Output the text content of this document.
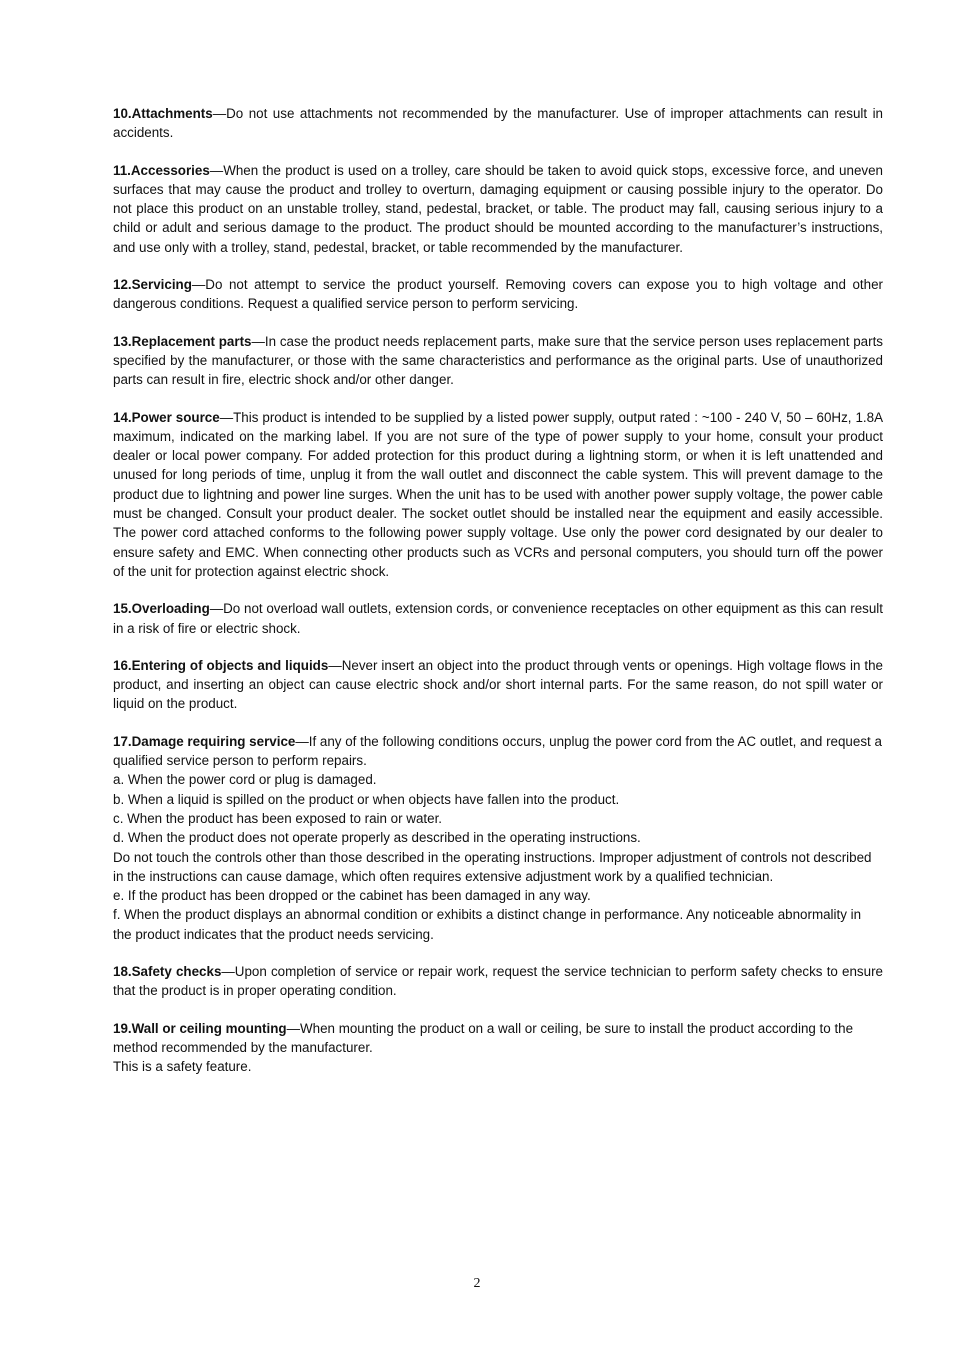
10.Attachments—Do not use attachments not recommended by the manufacturer. Use of improper attachments can result in accidents.

11.Accessories—When the product is used on a trolley, care should be taken to avoid quick stops, excessive force, and uneven surfaces that may cause the product and trolley to overturn, damaging equipment or causing possible injury to the operator. Do not place this product on an unstable trolley, stand, pedestal, bracket, or table. The product may fall, causing serious injury to a child or adult and serious damage to the product. The product should be mounted according to the manufacturer’s instructions, and use only with a trolley, stand, pedestal, bracket, or table recommended by the manufacturer.

12.Servicing—Do not attempt to service the product yourself. Removing covers can expose you to high voltage and other dangerous conditions. Request a qualified service person to perform servicing.

13.Replacement parts—In case the product needs replacement parts, make sure that the service person uses replacement parts specified by the manufacturer, or those with the same characteristics and performance as the original parts. Use of unauthorized parts can result in fire, electric shock and/or other danger.

14.Power source—This product is intended to be supplied by a listed power supply, output rated : ~100 - 240 V, 50 – 60Hz, 1.8A maximum, indicated on the marking label. If you are not sure of the type of power supply to your home, consult your product dealer or local power company. For added protection for this product during a lightning storm, or when it is left unattended and unused for long periods of time, unplug it from the wall outlet and disconnect the cable system. This will prevent damage to the product due to lightning and power line surges. When the unit has to be used with another power supply voltage, the power cable must be changed. Consult your product dealer. The socket outlet should be installed near the equipment and easily accessible. The power cord attached conforms to the following power supply voltage. Use only the power cord designated by our dealer to ensure safety and EMC. When connecting other products such as VCRs and personal computers, you should turn off the power of the unit for protection against electric shock.

15.Overloading—Do not overload wall outlets, extension cords, or convenience receptacles on other equipment as this can result in a risk of fire or electric shock.

16.Entering of objects and liquids—Never insert an object into the product through vents or openings. High voltage flows in the product, and inserting an object can cause electric shock and/or short internal parts. For the same reason, do not spill water or liquid on the product.

17.Damage requiring service—If any of the following conditions occurs, unplug the power cord from the AC outlet, and request a qualified service person to perform repairs.

a. When the power cord or plug is damaged.

b. When a liquid is spilled on the product or when objects have fallen into the product.

c. When the product has been exposed to rain or water.

d. When the product does not operate properly as described in the operating instructions.

Do not touch the controls other than those described in the operating instructions. Improper adjustment of controls not described in the instructions can cause damage, which often requires extensive adjustment work by a qualified technician.

e. If the product has been dropped or the cabinet has been damaged in any way.

f. When the product displays an abnormal condition or exhibits a distinct change in performance. Any noticeable abnormality in the product indicates that the product needs servicing.

18.Safety checks—Upon completion of service or repair work, request the service technician to perform safety checks to ensure that the product is in proper operating condition.

19.Wall or ceiling mounting—When mounting the product on a wall or ceiling, be sure to install the product according to the method recommended by the manufacturer.

This is a safety feature.

2
